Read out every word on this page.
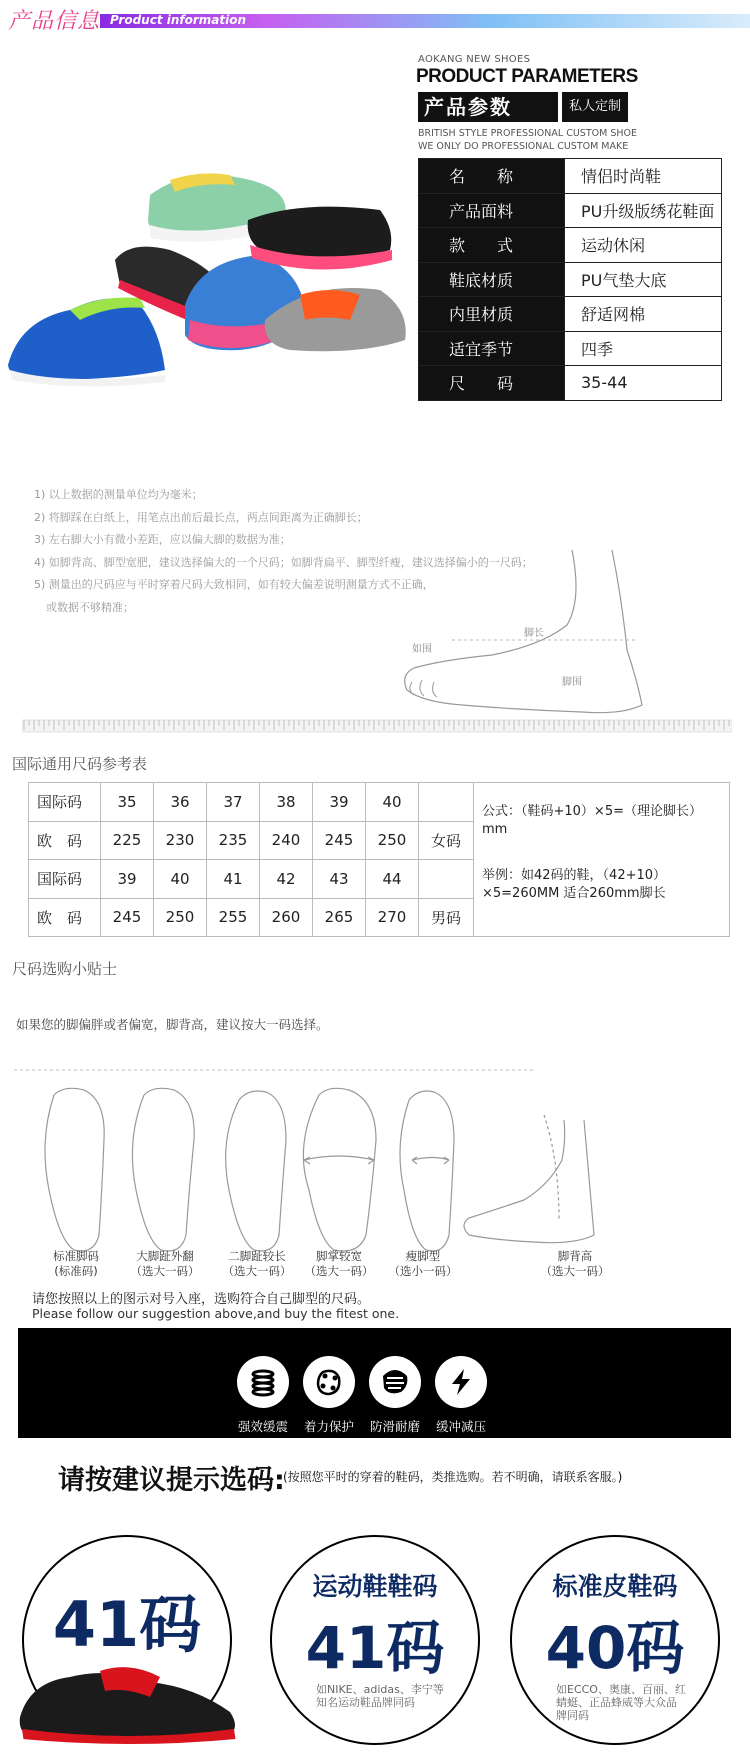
产品信息 Product information
AOKANG NEW SHOES
PRODUCT PARAMETERS
产品参数	私人定制
BRITISH STYLE PROFESSIONAL CUSTOM SHOE
WE ONLY DO PROFESSIONAL CUSTOM MAKE
名　　称	情侣时尚鞋
产品面料	PU升级版绣花鞋面
款　　式	运动休闲
鞋底材质	PU气垫大底
内里材质	舒适网棉
适宜季节	四季
尺　　码	35-44
1) 以上数据的测量单位均为毫米；
2) 将脚踩在白纸上，用笔点出前后最长点，两点间距离为正确脚长；
3) 左右脚大小有微小差距，应以偏大脚的数据为准；
4) 如脚背高、脚型宽肥，建议选择偏大的一个尺码；如脚背扁平、脚型纤瘦，建议选择偏小的一尺码；
5) 测量出的尺码应与平时穿着尺码大致相同，如有较大偏差说明测量方式不正确，
或数据不够精准；
脚长
脚围
如围
国际通用尺码参考表
国际码	35	36	37	38	39	40		公式：（鞋码+10）×5=（理论脚长）mm
举例：如42码的鞋，（42+10）×5=260MM 适合260mm脚长

欧　码	225	230	235	240	245	250	女码	
国际码	39	40	41	42	43	44		
欧　码	245	250	255	260	265	270	男码	
尺码选购小贴士
如果您的脚偏胖或者偏宽，脚背高，建议按大一码选择。
标准脚码
(标准码)
大脚趾外翻
（选大一码）
二脚趾较长
（选大一码）
脚掌较宽
（选大一码）
瘦脚型
（选小一码）
脚背高
（选大一码）
请您按照以上的图示对号入座，选购符合自己脚型的尺码。
Please follow our suggestion above,and buy the fitest one.
强效缓震	着力保护	防滑耐磨	缓冲减压
请按建议提示选码:
(按照您平时的穿着的鞋码，类推选购。若不明确，请联系客服。)
41码
运动鞋鞋码
41码
如NIKE、adidas、李宁等知名运动鞋品牌同码
标准皮鞋码
40码
如ECCO、奥康、百丽、红蜻蜓、正品蜂威等大众品牌同码
